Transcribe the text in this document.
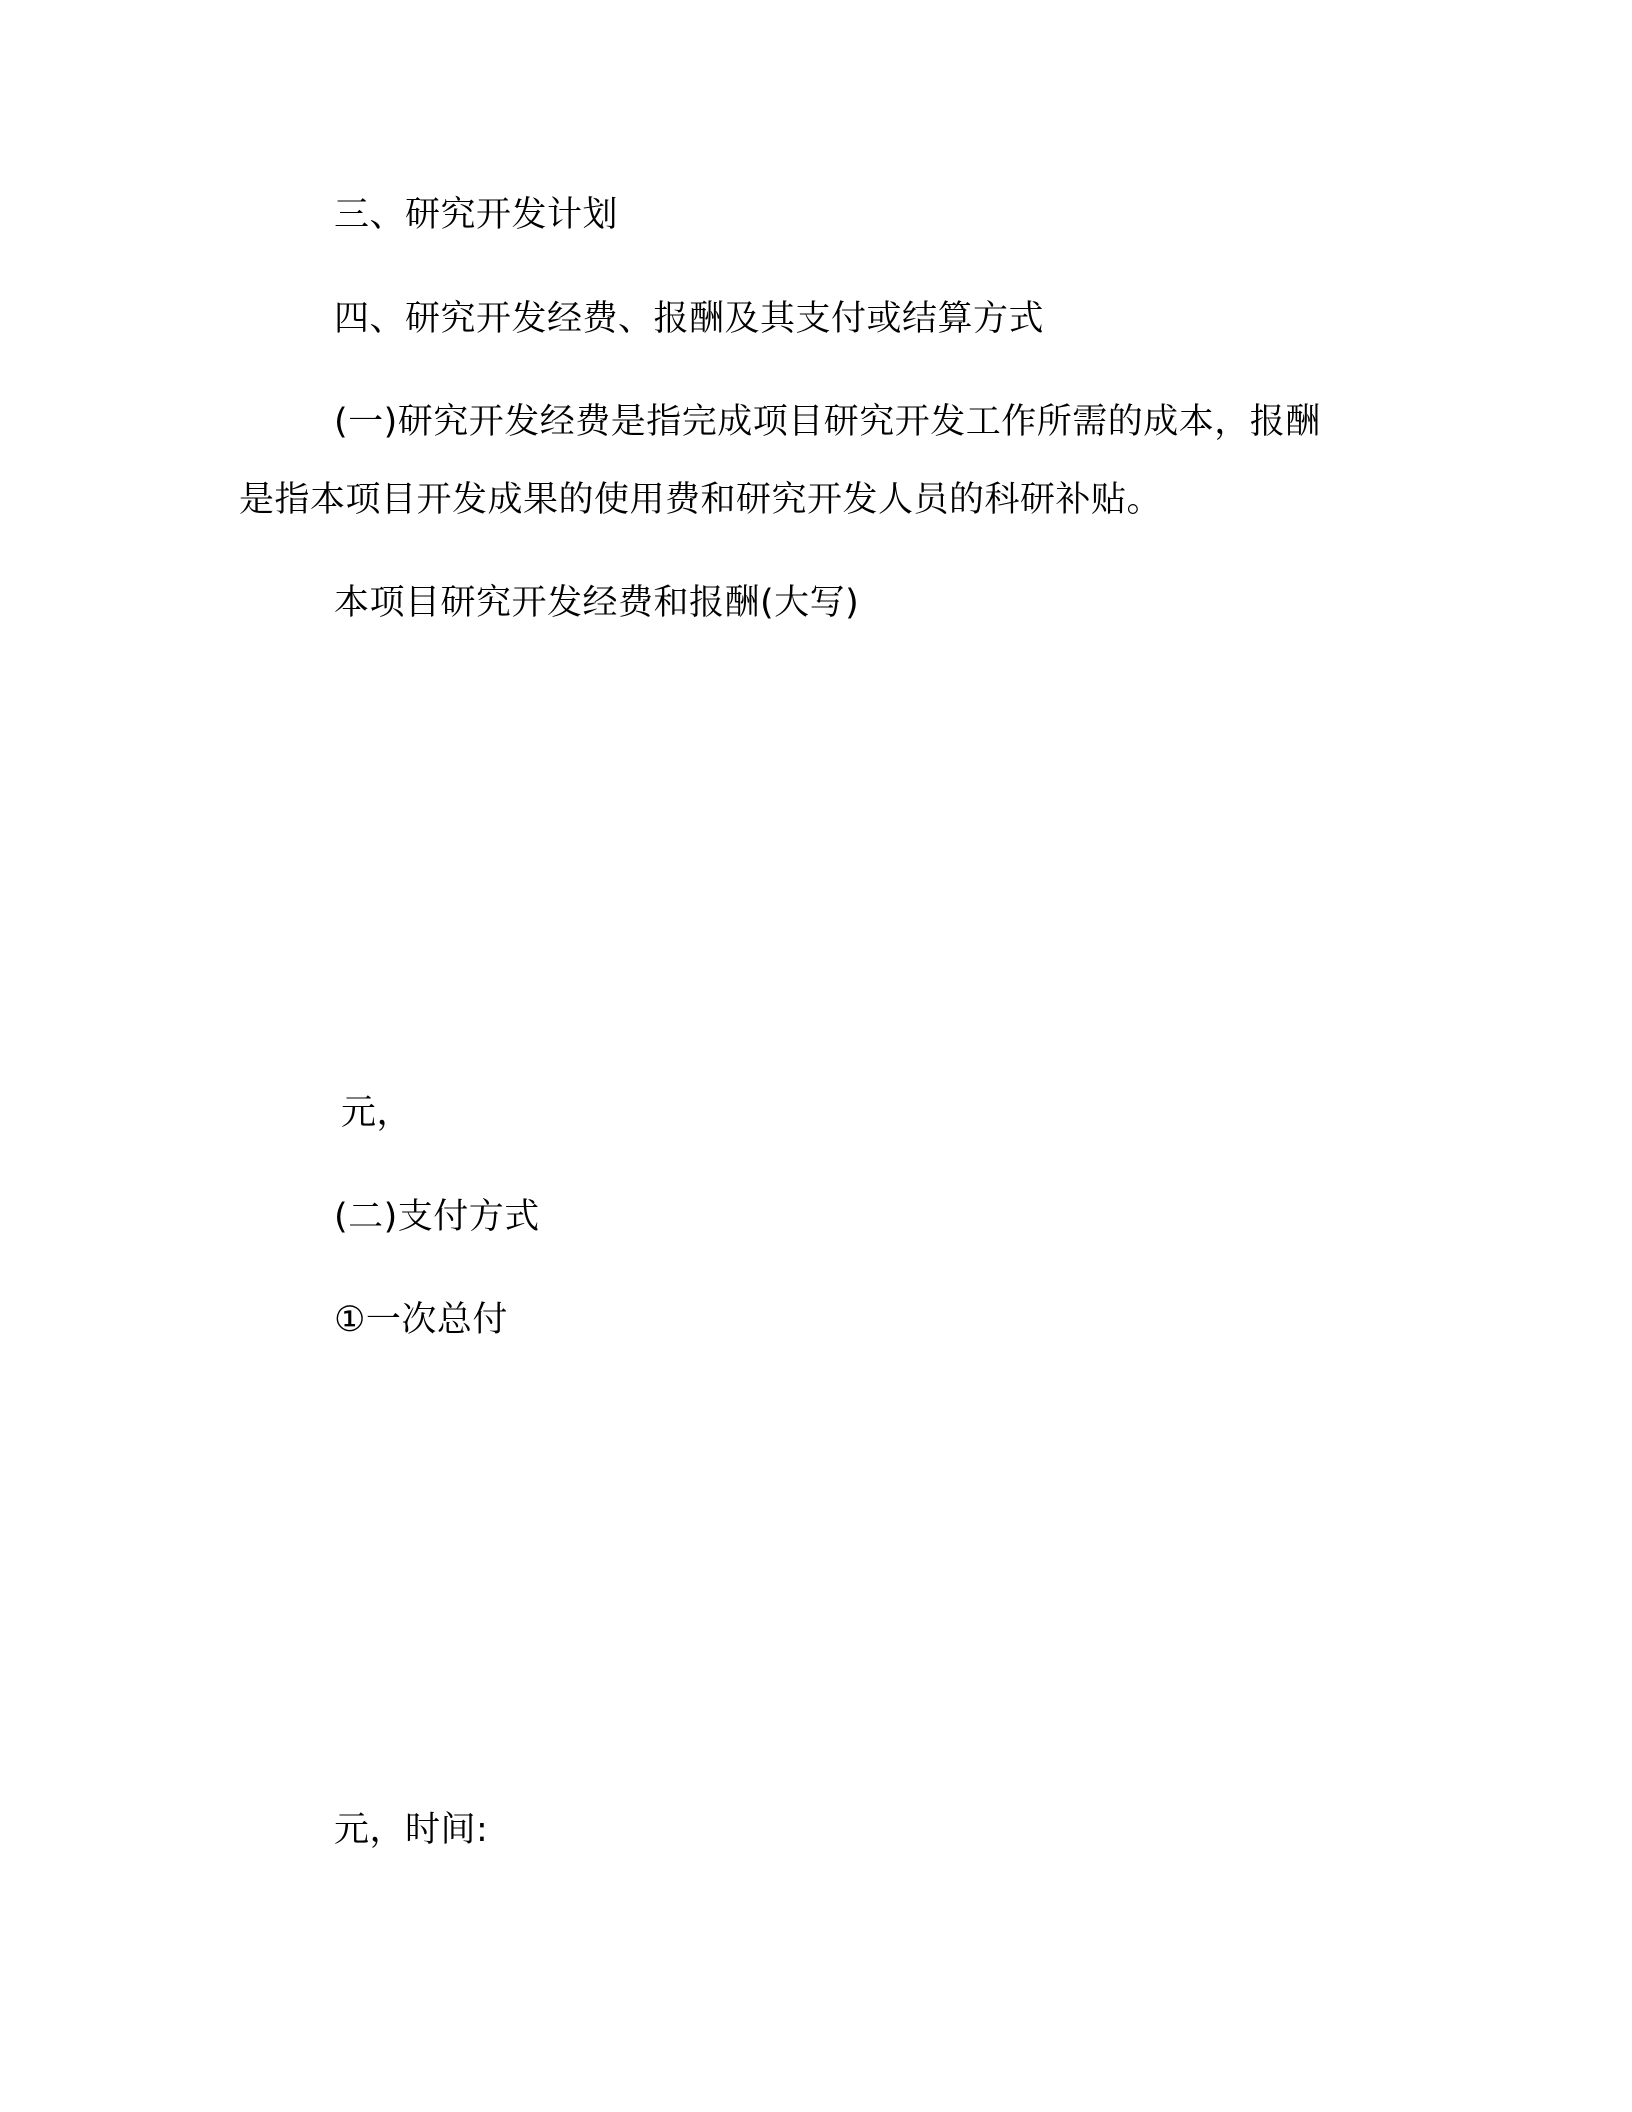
三、研究开发计划
四、研究开发经费、报酬及其支付或结算方式
(一)研究开发经费是指完成项目研究开发工作所需的成本，报酬
是指本项目开发成果的使用费和研究开发人员的科研补贴。
本项目研究开发经费和报酬(大写)
元，
(二)支付方式
①一次总付
元，时间:
